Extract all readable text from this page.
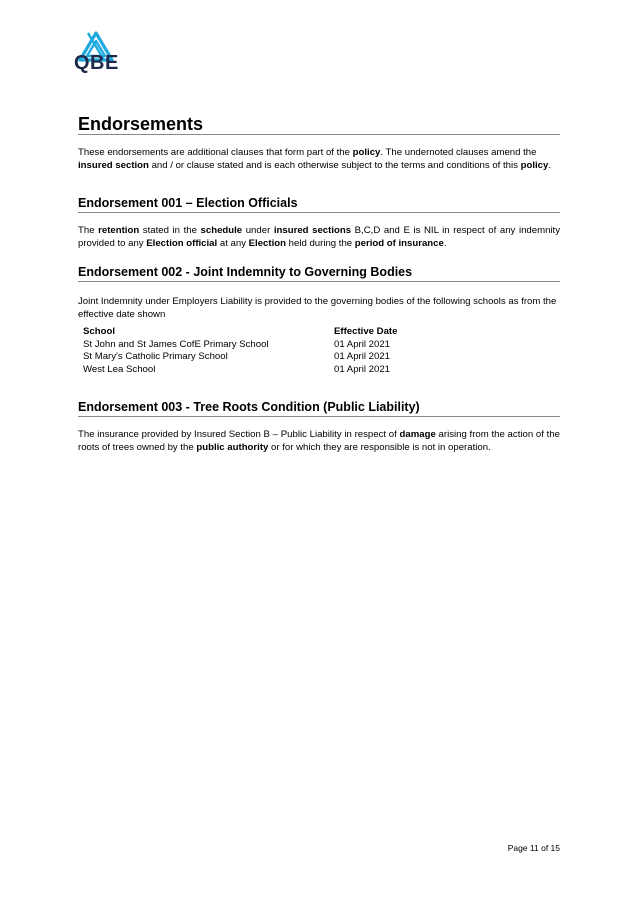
QBE
Endorsements
These endorsements are additional clauses that form part of the policy. The undernoted clauses amend the insured section and / or clause stated and is each otherwise subject to the terms and conditions of this policy.
Endorsement 001 – Election Officials
The retention stated in the schedule under insured sections B,C,D and E is NIL in respect of any indemnity provided to any Election official at any Election held during the period of insurance.
Endorsement 002 - Joint Indemnity to Governing Bodies
Joint Indemnity under Employers Liability is provided to the governing bodies of the following schools as from the effective date shown
School	Effective Date
St John and St James CofE Primary School	01 April 2021
St Mary's Catholic Primary School	01 April 2021
West Lea School	01 April 2021
Endorsement 003 - Tree Roots Condition (Public Liability)
The insurance provided by Insured Section B – Public Liability in respect of damage arising from the action of the roots of trees owned by the public authority or for which they are responsible is not in operation.
Page 11 of 15
